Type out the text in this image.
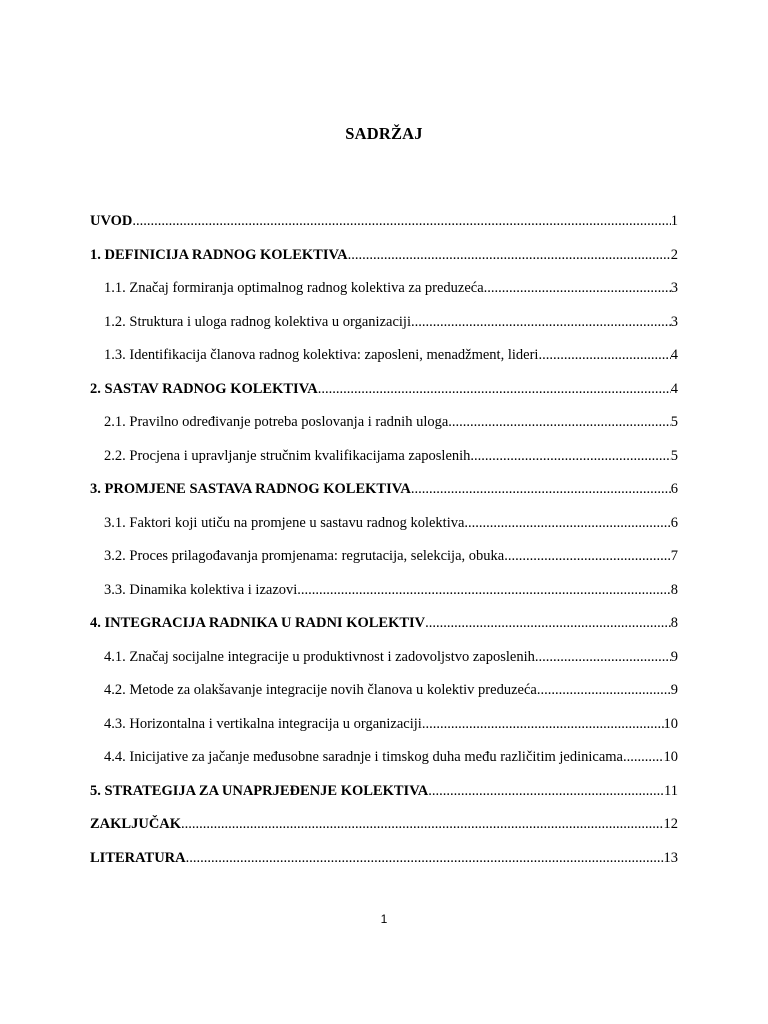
SADRŽAJ
UVOD .....	1
1. DEFINICIJA RADNOG KOLEKTIVA .....	2
1.1. Značaj formiranja optimalnog radnog kolektiva za preduzeća .....	3
1.2. Struktura i uloga radnog kolektiva u organizaciji .....	3
1.3. Identifikacija članova radnog kolektiva: zaposleni, menadžment, lideri .....	4
2. SASTAV RADNOG KOLEKTIVA .....	4
2.1. Pravilno određivanje potreba poslovanja i radnih uloga .....	5
2.2. Procjena i upravljanje stručnim kvalifikacijama zaposlenih .....	5
3. PROMJENE SASTAVA RADNOG KOLEKTIVA .....	6
3.1. Faktori koji utiču na promjene u sastavu radnog kolektiva .....	6
3.2. Proces prilagođavanja promjenama: regrutacija, selekcija, obuka .....	7
3.3. Dinamika kolektiva i izazovi .....	8
4. INTEGRACIJA RADNIKA U RADNI KOLEKTIV .....	8
4.1. Značaj socijalne integracije u produktivnost i zadovoljstvo zaposlenih .....	9
4.2. Metode za olakšavanje integracije novih članova u kolektiv preduzeća .....	9
4.3. Horizontalna i vertikalna integracija u organizaciji .....	10
4.4. Inicijative za jačanje međusobne saradnje i timskog duha među različitim jedinicama .....	10
5. STRATEGIJA ZA UNAPRJEĐENJE KOLEKTIVA .....	11
ZAKLJUČAK .....	12
LITERATURA .....	13
1
